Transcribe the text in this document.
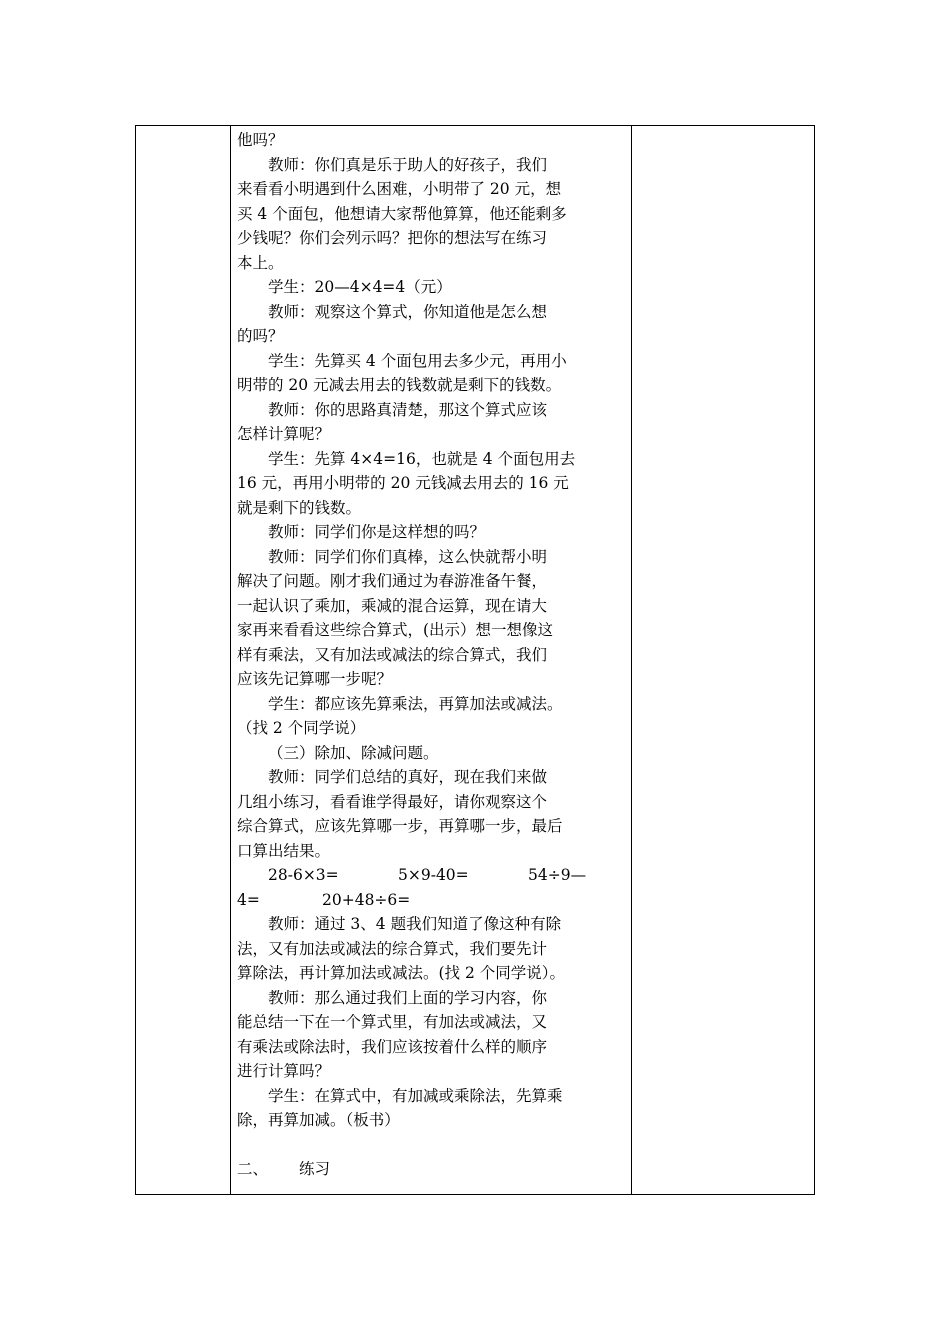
他吗？
教师：你们真是乐于助人的好孩子，我们
来看看小明遇到什么困难，小明带了 20 元，想
买 4 个面包，他想请大家帮他算算，他还能剩多
少钱呢？你们会列示吗？把你的想法写在练习
本上。
学生：20—4×4=4（元）
教师：观察这个算式，你知道他是怎么想
的吗？
学生：先算买 4 个面包用去多少元，再用小
明带的 20 元减去用去的钱数就是剩下的钱数。
教师：你的思路真清楚，那这个算式应该
怎样计算呢？
学生：先算 4×4=16，也就是 4 个面包用去
16 元，再用小明带的 20 元钱减去用去的 16 元
就是剩下的钱数。
教师：同学们你是这样想的吗？
教师：同学们你们真棒，这么快就帮小明
解决了问题。刚才我们通过为春游准备午餐，
一起认识了乘加，乘减的混合运算，现在请大
家再来看看这些综合算式，(出示）想一想像这
样有乘法，又有加法或减法的综合算式，我们
应该先记算哪一步呢？
学生：都应该先算乘法，再算加法或减法。
（找 2 个同学说）
（三）除加、除减问题。
教师：同学们总结的真好，现在我们来做
几组小练习，看看谁学得最好，请你观察这个
综合算式，应该先算哪一步，再算哪一步，最后
口算出结果。
28-6×3=	5×9-40=	54÷9—
4=	20+48÷6=
教师：通过 3、4 题我们知道了像这种有除
法，又有加法或减法的综合算式，我们要先计
算除法，再计算加法或减法。(找 2 个同学说）。
教师：那么通过我们上面的学习内容，你
能总结一下在一个算式里，有加法或减法，又
有乘法或除法时，我们应该按着什么样的顺序
进行计算吗？
学生：在算式中，有加减或乘除法，先算乘
除，再算加减。（板书）
二、 练习
